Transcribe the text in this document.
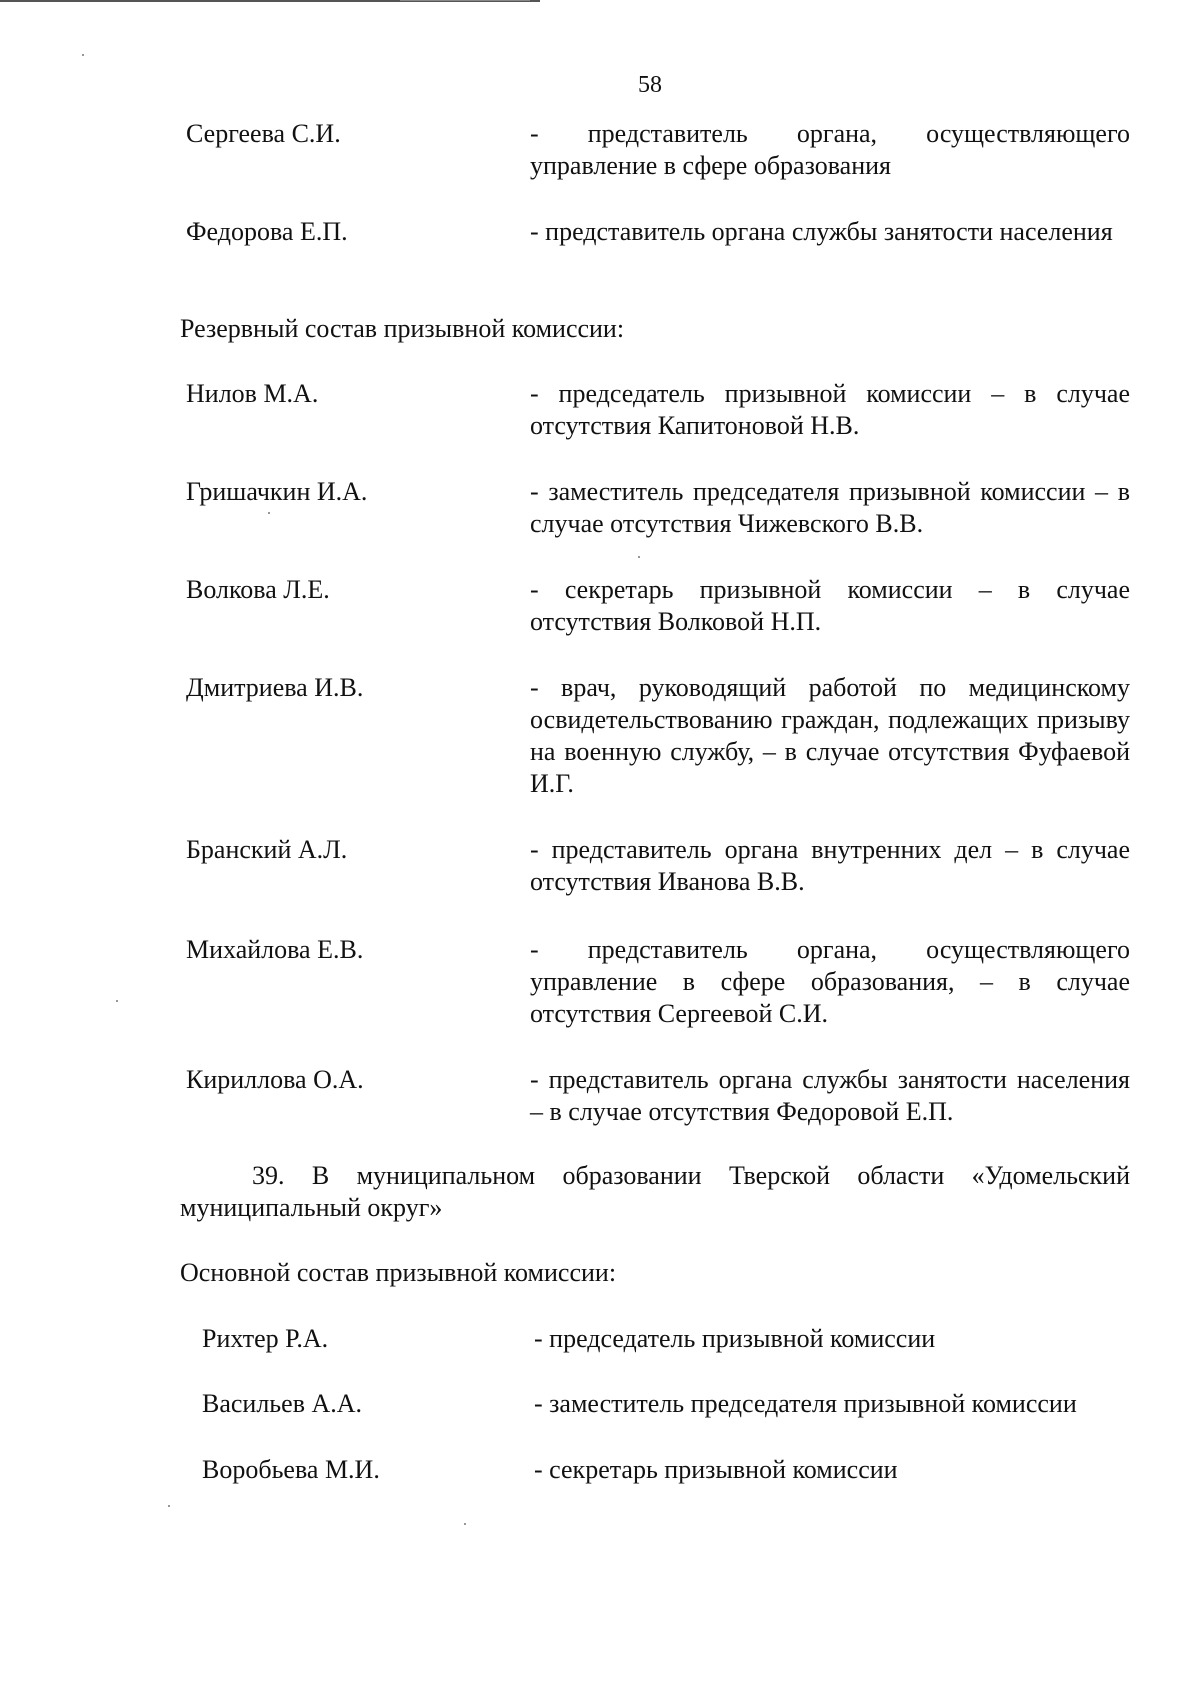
58
Сергеева С.И.	- представитель органа, осуществляющего управление в сфере образования
Федорова Е.П.	- представитель органа службы занятости населения
Резервный состав призывной комиссии:
Нилов М.А.	- председатель призывной комиссии – в случае отсутствия Капитоновой Н.В.
Гришачкин И.А.	- заместитель председателя призывной комиссии – в случае отсутствия Чижевского В.В.
Волкова Л.Е.	- секретарь призывной комиссии – в случае отсутствия Волковой Н.П.
Дмитриева И.В.	- врач, руководящий работой по медицинскому освидетельствованию граждан, подлежащих призыву на военную службу, – в случае отсутствия Фуфаевой И.Г.
Бранский А.Л.	- представитель органа внутренних дел – в случае отсутствия Иванова В.В.
Михайлова Е.В.	- представитель органа, осуществляющего управление в сфере образования, – в случае отсутствия Сергеевой С.И.
Кириллова О.А.	- представитель органа службы занятости населения – в случае отсутствия Федоровой Е.П.
39. В муниципальном образовании Тверской области «Удомельский муниципальный округ»
Основной состав призывной комиссии:
Рихтер Р.А.	- председатель призывной комиссии
Васильев А.А.	- заместитель председателя призывной комиссии
Воробьева М.И.	- секретарь призывной комиссии
